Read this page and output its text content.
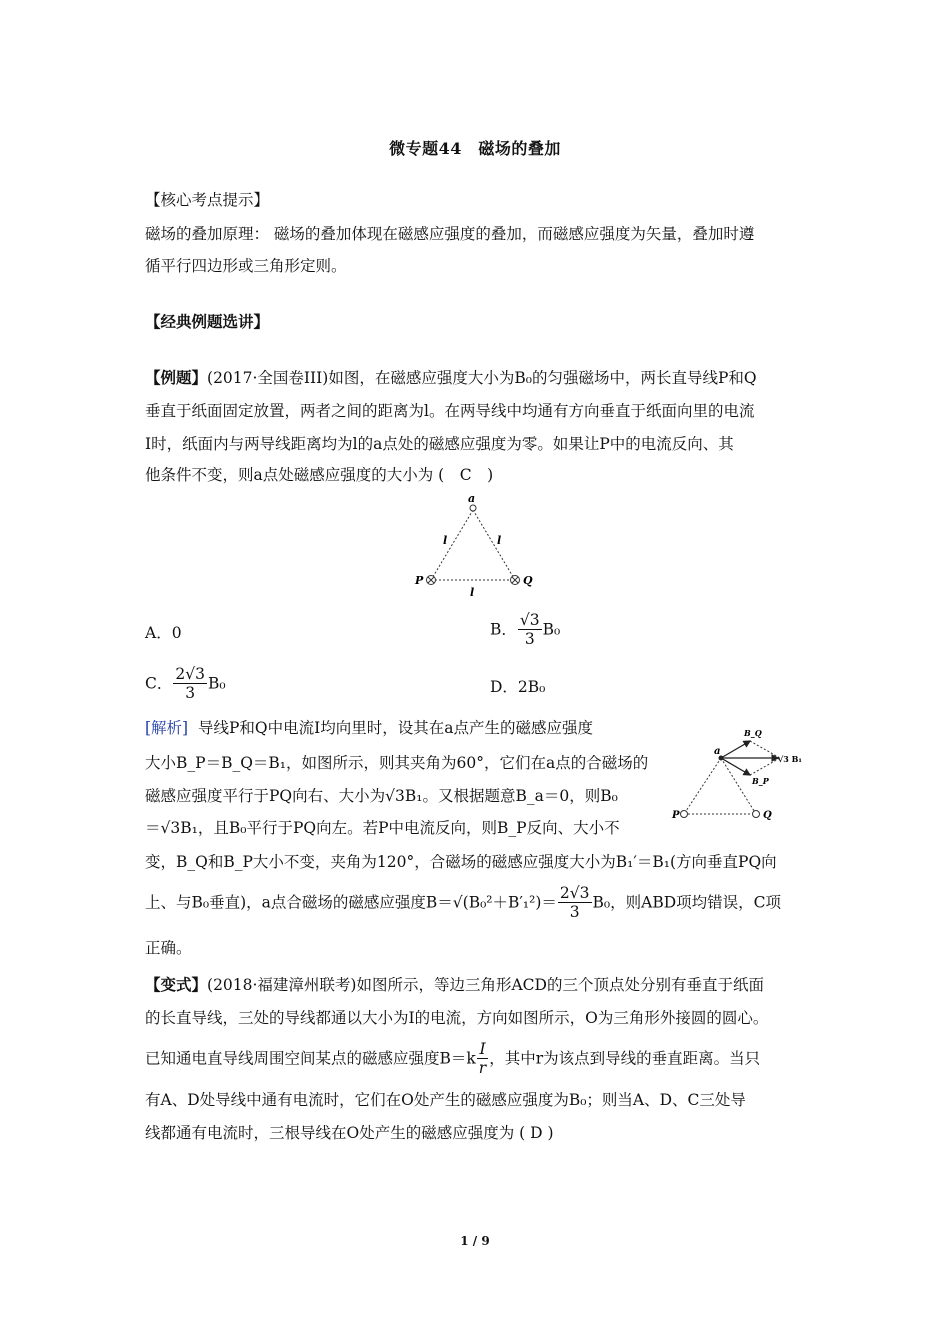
微专题44　磁场的叠加
【核心考点提示】
磁场的叠加原理： 磁场的叠加体现在磁感应强度的叠加，而磁感应强度为矢量，叠加时遵
循平行四边形或三角形定则。
【经典例题选讲】
【例题】(2017·全国卷III)如图，在磁感应强度大小为B₀的匀强磁场中，两长直导线P和Q
垂直于纸面固定放置，两者之间的距离为l。在两导线中均通有方向垂直于纸面向里的电流
I时，纸面内与两导线距离均为l的a点处的磁感应强度为零。如果让P中的电流反向、其
他条件不变，则a点处磁感应强度的大小为 (　C　)
a
l	l
l
P	Q
A．0	B． $\frac{√3}{3} B_0$
C． $\frac{2√3}{3} B_0$	D．2B₀
[解析] 导线P和Q中电流I均向里时，设其在a点产生的磁感应强度
大小B_P＝B_Q＝B₁，如图所示，则其夹角为60°，它们在a点的合磁场的
磁感应强度平行于PQ向右、大小为√3B₁。又根据题意B_a＝0，则B₀
＝√3B₁，且B₀平行于PQ向左。若P中电流反向，则B_P反向、大小不
变，B_Q和B_P大小不变，夹角为120°，合磁场的磁感应强度大小为B₁′＝B₁(方向垂直PQ向
上、与B₀垂直)，a点合磁场的磁感应强度$B=√(B_0^2+B'_1^2)= \frac{2√3}{3} B_0$，则ABD项均错误，C项
正确。
a
B_Q
√3 B₁
B_P
P	Q
【变式】(2018·福建漳州联考)如图所示，等边三角形ACD的三个顶点处分别有垂直于纸面
的长直导线，三处的导线都通以大小为I的电流，方向如图所示，O为三角形外接圆的圆心。
已知通电直导线周围空间某点的磁感应强度$B=k \frac{I}{r}$ ，其中r为该点到导线的垂直距离。当只
有A、D处导线中通有电流时，它们在O处产生的磁感应强度为B₀；则当A、D、C三处导
线都通有电流时，三根导线在O处产生的磁感应强度为 ( D )
1 / 9
